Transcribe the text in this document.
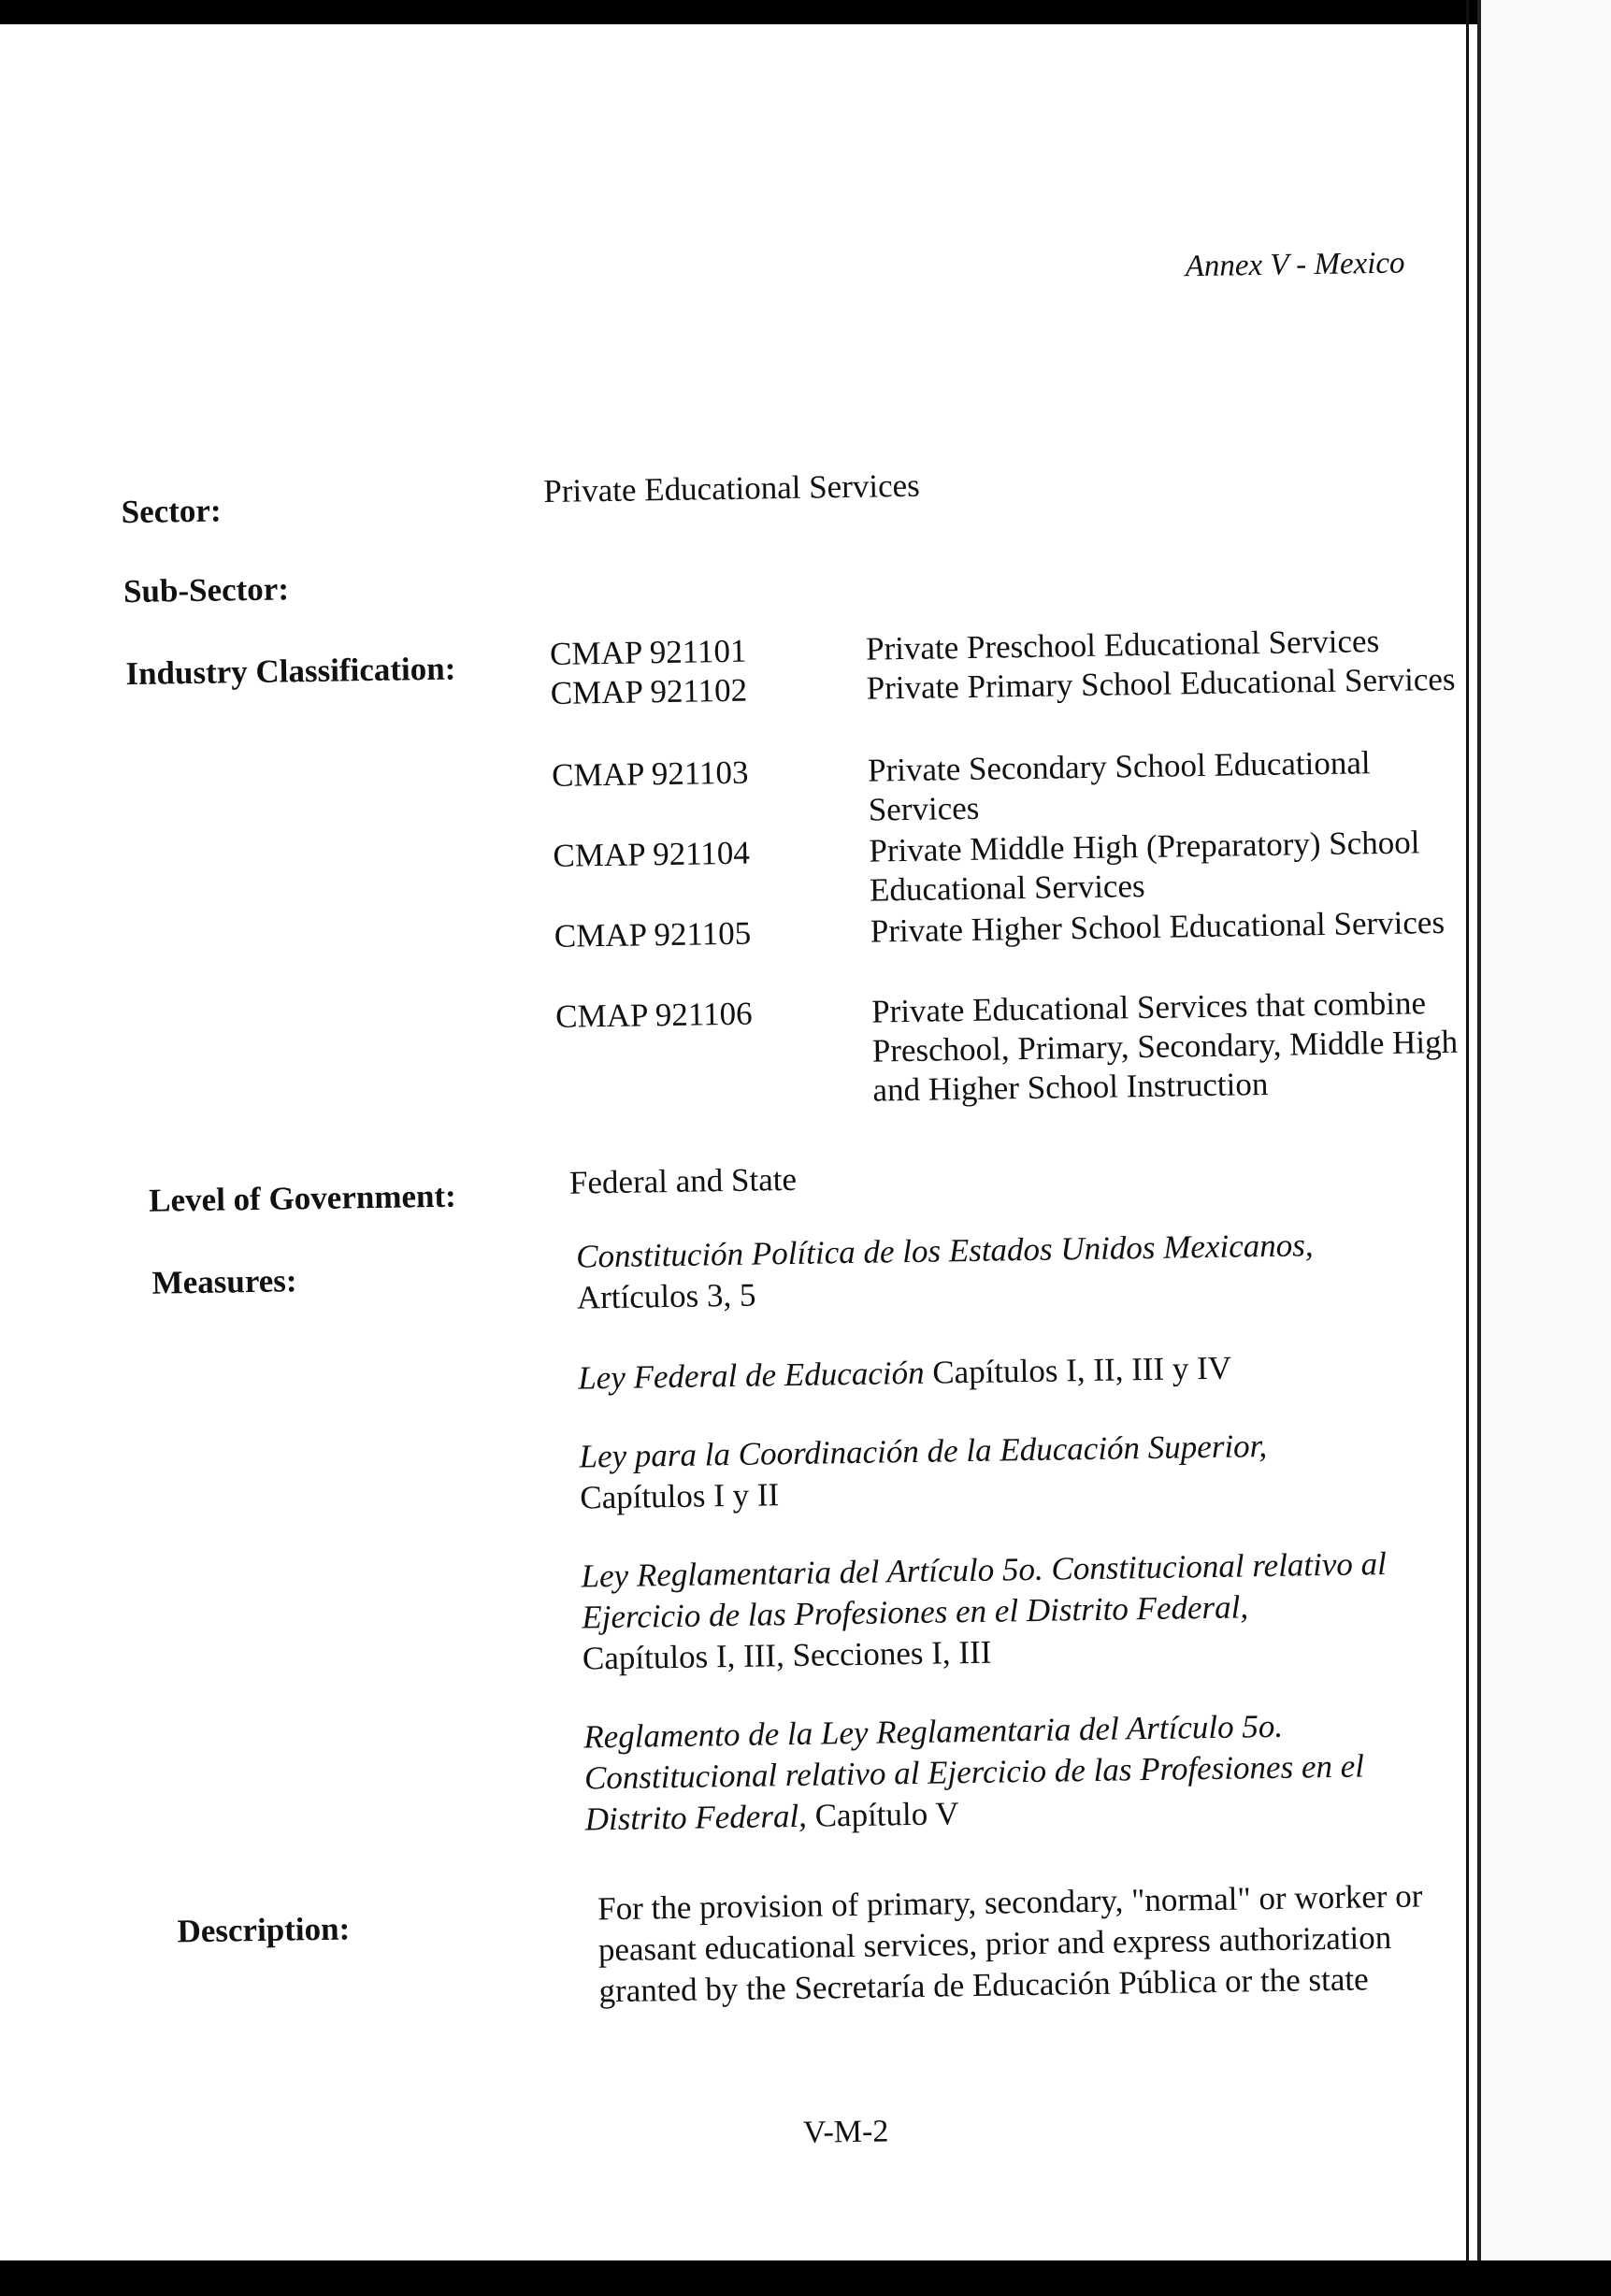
Annex V - Mexico
Sector:
Private Educational Services
Sub-Sector:
Industry Classification:	CMAP 921101	Private Preschool Educational Services
CMAP 921102	Private Primary School Educational Services
CMAP 921103	Private Secondary School Educational Services
CMAP 921104	Private Middle High (Preparatory) School Educational Services
CMAP 921105	Private Higher School Educational Services
CMAP 921106	Private Educational Services that combine Preschool, Primary, Secondary, Middle High and Higher School Instruction
Level of Government:	Federal and State
Measures:
Constitución Política de los Estados Unidos Mexicanos,
Artículos 3, 5
Ley Federal de Educación Capítulos I, II, III y IV
Ley para la Coordinación de la Educación Superior,
Capítulos I y II
Ley Reglamentaria del Artículo 5o. Constitucional relativo al Ejercicio de las Profesiones en el Distrito Federal,
Capítulos I, III, Secciones I, III
Reglamento de la Ley Reglamentaria del Artículo 5o. Constitucional relativo al Ejercicio de las Profesiones en el Distrito Federal, Capítulo V
Description:
For the provision of primary, secondary, "normal" or worker or peasant educational services, prior and express authorization granted by the Secretaría de Educación Pública or the state
V-M-2
